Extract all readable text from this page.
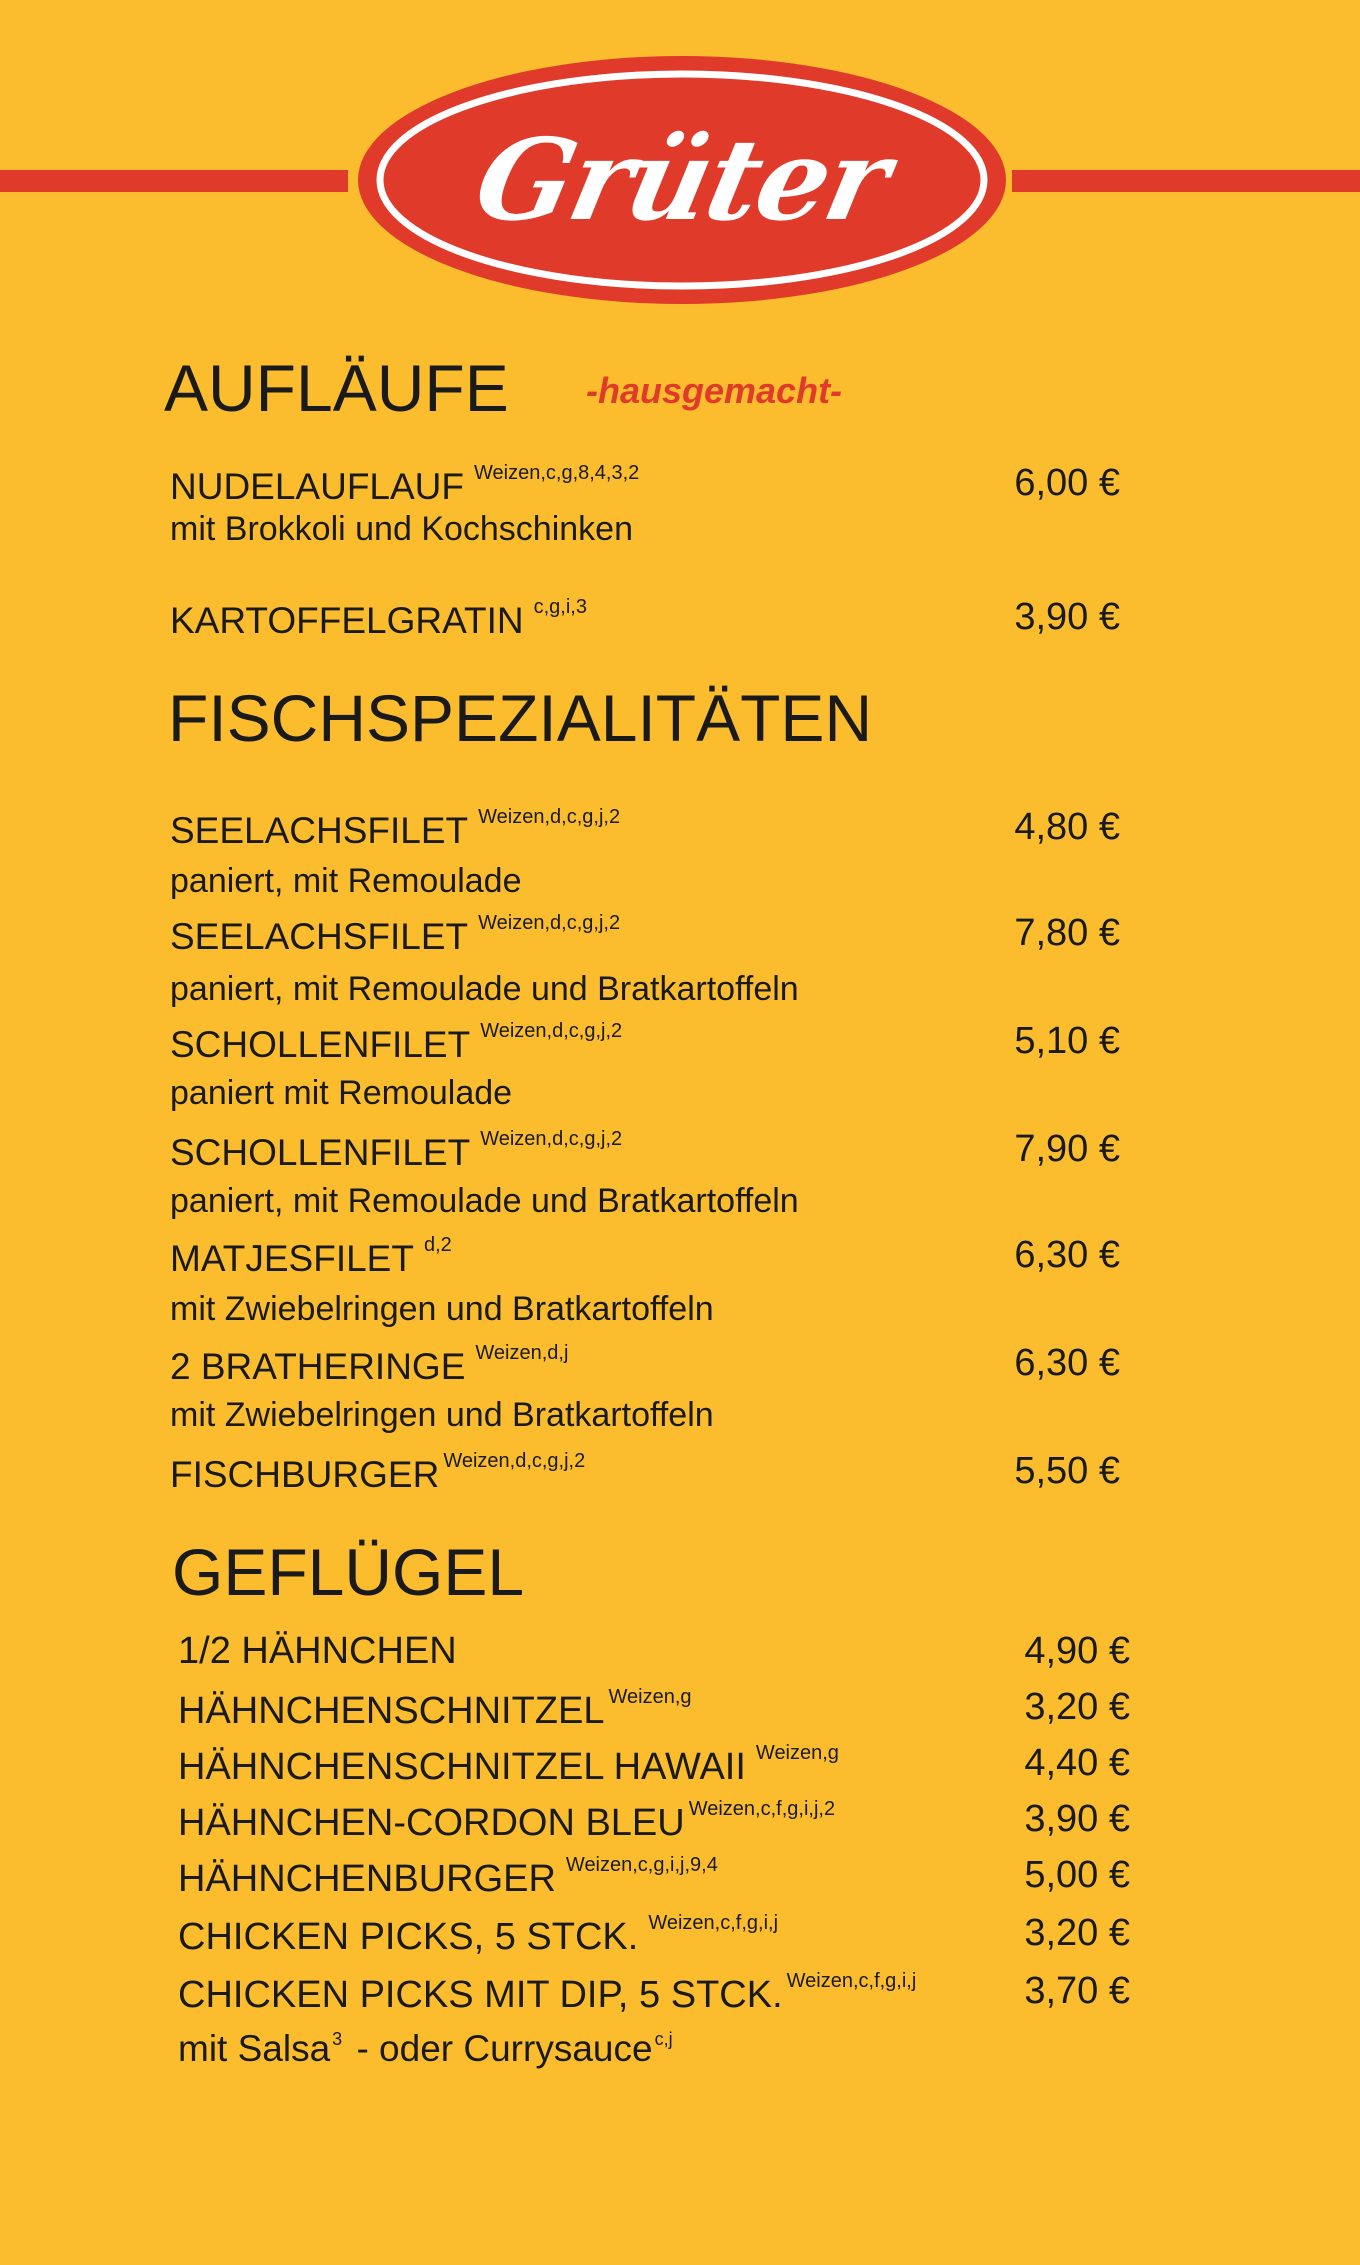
Grüter
AUFLÄUFE -hausgemacht-
NUDELAUFLAUF $^{Weizen,c,g,8,4,3,2}$
mit Brokkoli und Kochschinken
6,00 €
KARTOFFELGRATIN $^{c,g,i,3}$	3,90 €
FISCHSPEZIALITÄTEN
SEELACHSFILET $^{Weizen,d,c,g,j,2}$
paniert, mit Remoulade
4,80 €
SEELACHSFILET $^{Weizen,d,c,g,j,2}$
paniert, mit Remoulade und Bratkartoffeln
7,80 €
SCHOLLENFILET $^{Weizen,d,c,g,j,2}$
paniert mit Remoulade
5,10 €
SCHOLLENFILET $^{Weizen,d,c,g,j,2}$
paniert, mit Remoulade und Bratkartoffeln
7,90 €
MATJESFILET $^{d,2}$
mit Zwiebelringen und Bratkartoffeln
6,30 €
2 BRATHERINGE $^{Weizen,d,j}$
mit Zwiebelringen und Bratkartoffeln
6,30 €
FISCHBURGER $^{Weizen,d,c,g,j,2}$	5,50 €
GEFLÜGEL
1/2 HÄHNCHEN	4,90 €
HÄHNCHENSCHNITZEL $^{Weizen,g}$	3,20 €
HÄHNCHENSCHNITZEL HAWAII $^{Weizen,g}$	4,40 €
HÄHNCHEN-CORDON BLEU $^{Weizen,c,f,g,i,j,2}$	3,90 €
HÄHNCHENBURGER $^{Weizen,c,g,i,j,9,4}$	5,00 €
CHICKEN PICKS, 5 STCK. $^{Weizen,c,f,g,i,j}$	3,20 €
CHICKEN PICKS MIT DIP, 5 STCK. $^{Weizen,c,f,g,i,j}$	3,70 €
mit Salsa $^3$ - oder Currysauce $^{c,j}$
